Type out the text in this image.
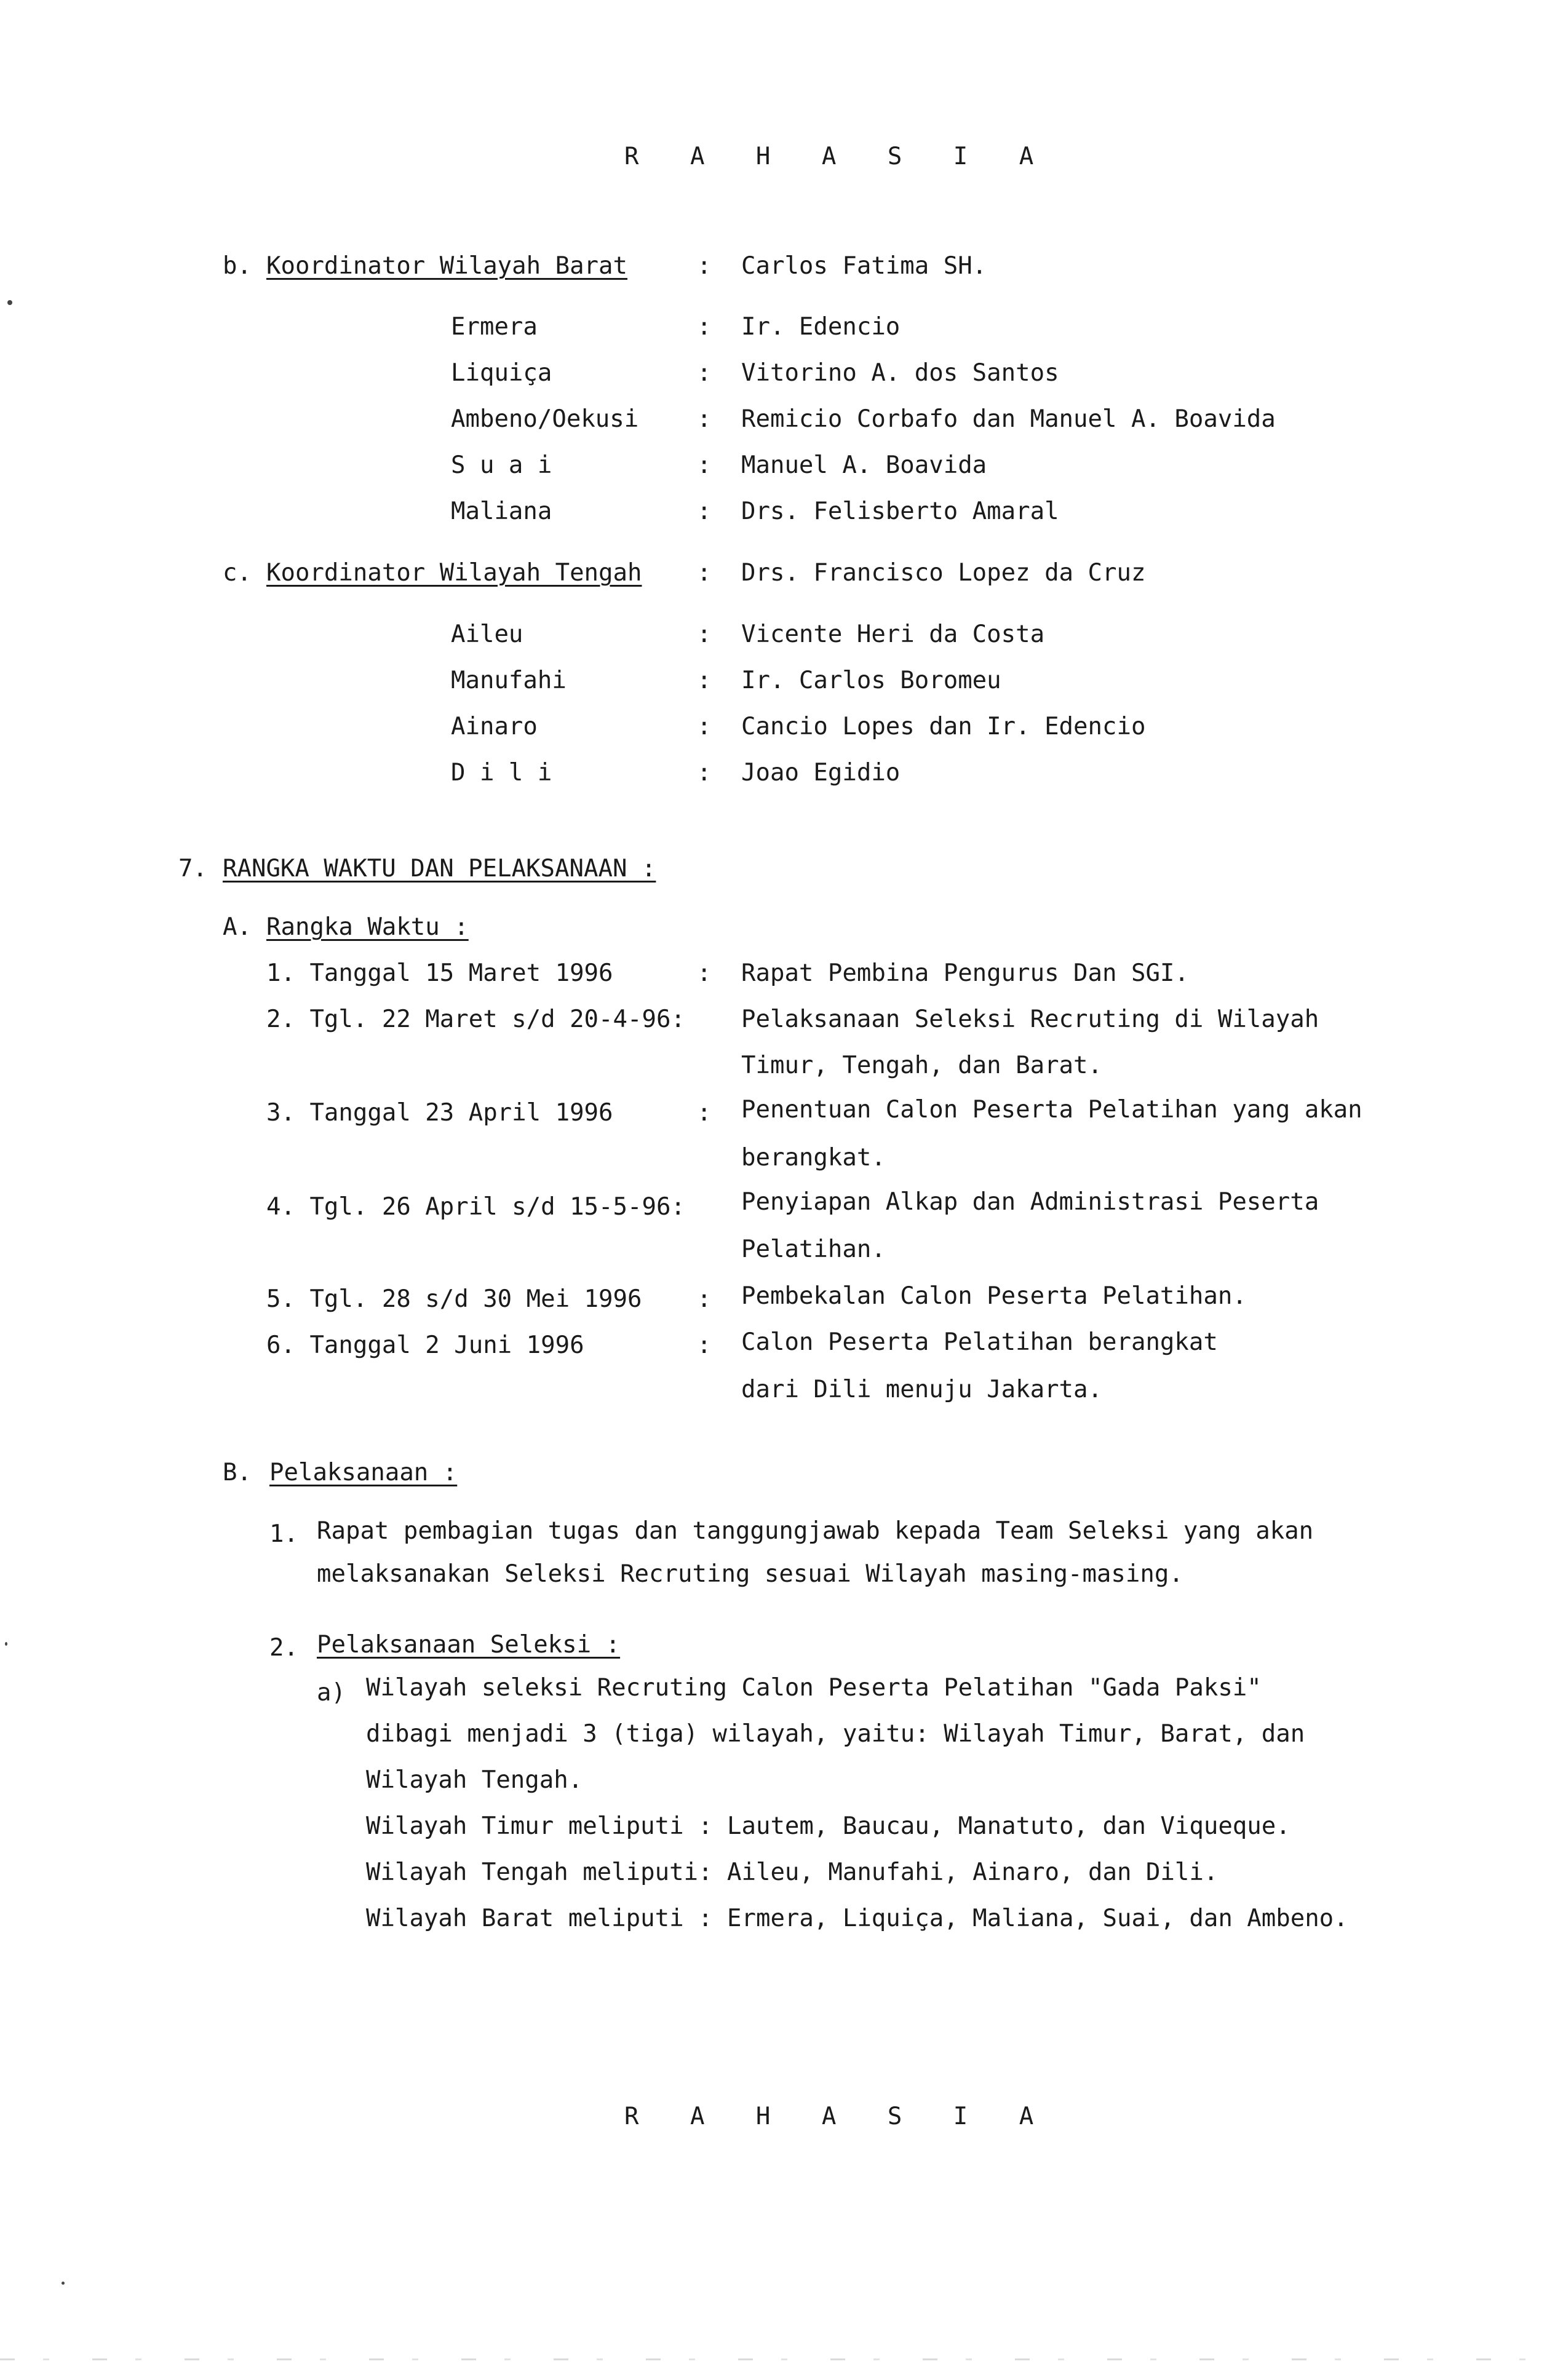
R A H A S I A
b. Koordinator Wilayah Barat	: Carlos Fatima SH.
Ermera	: Ir. Edencio
Liquiça	: Vitorino A. dos Santos
Ambeno/Oekusi : Remicio Corbafo dan Manuel A. Boavida
S u a i	: Manuel A. Boavida
Maliana	: Drs. Felisberto Amaral
c. Koordinator Wilayah Tengah : Drs. Francisco Lopez da Cruz
Aileu	: Vicente Heri da Costa
Manufahi	: Ir. Carlos Boromeu
Ainaro	: Cancio Lopes dan Ir. Edencio
D i l i	: Joao Egidio
7. RANGKA WAKTU DAN PELAKSANAAN :
A. Rangka Waktu :
1. Tanggal 15 Maret 1996	: Rapat Pembina Pengurus Dan SGI.
2. Tgl. 22 Maret s/d 20-4-96: Pelaksanaan Seleksi Recruting di Wilayah
Timur, Tengah, dan Barat.
3. Tanggal 23 April 1996	: Penentuan Calon Peserta Pelatihan yang akan
berangkat.
4. Tgl. 26 April s/d 15-5-96: Penyiapan Alkap dan Administrasi Peserta
Pelatihan.
5. Tgl. 28 s/d 30 Mei 1996 : Pembekalan Calon Peserta Pelatihan.
6. Tanggal 2 Juni 1996	: Calon Peserta Pelatihan berangkat
dari Dili menuju Jakarta.
B. Pelaksanaan :
1. Rapat pembagian tugas dan tanggungjawab kepada Team Seleksi yang akan
melaksanakan Seleksi Recruting sesuai Wilayah masing-masing.
2. Pelaksanaan Seleksi :
a) Wilayah seleksi Recruting Calon Peserta Pelatihan "Gada Paksi"
dibagi menjadi 3 (tiga) wilayah, yaitu: Wilayah Timur, Barat, dan
Wilayah Tengah.
Wilayah Timur meliputi : Lautem, Baucau, Manatuto, dan Viqueque.
Wilayah Tengah meliputi: Aileu, Manufahi, Ainaro, dan Dili.
Wilayah Barat meliputi : Ermera, Liquiça, Maliana, Suai, dan Ambeno.
R A H A S I A
